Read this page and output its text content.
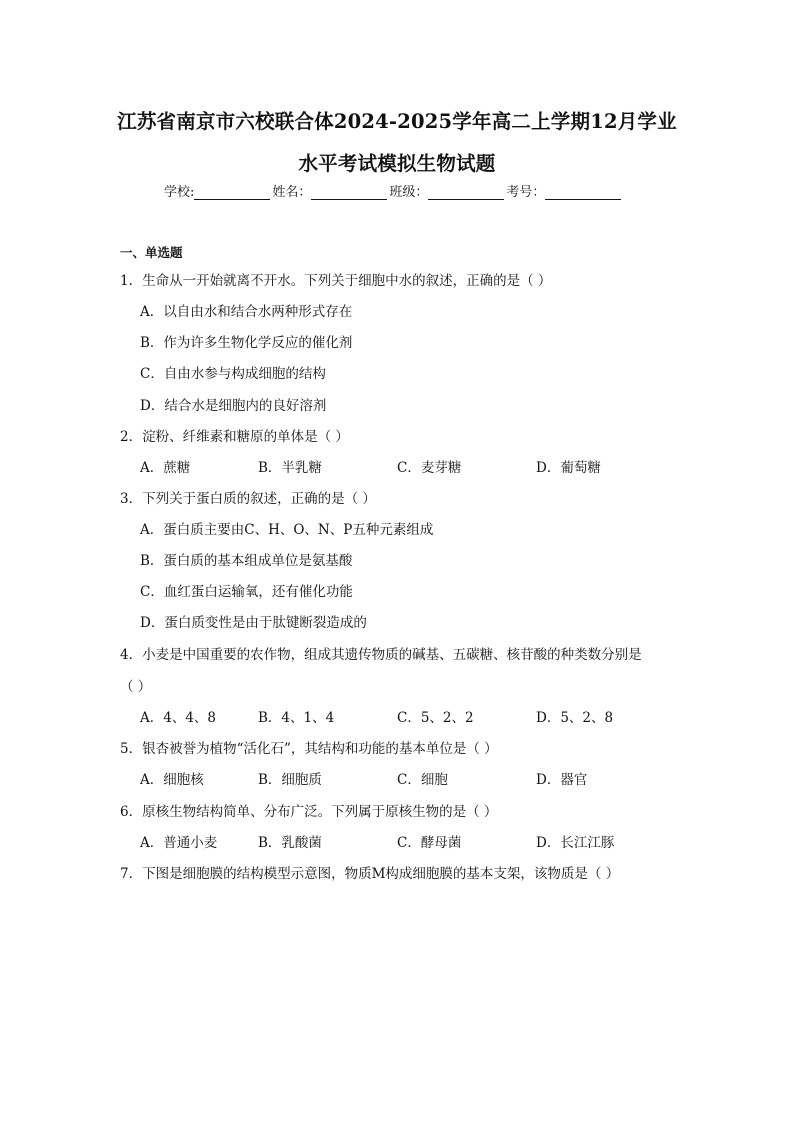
江苏省南京市六校联合体2024-2025学年高二上学期12月学业
水平考试模拟生物试题
学校:	姓名：	班级：	考号：
一、单选题
1．生命从一开始就离不开水。下列关于细胞中水的叙述，正确的是（ ）
A．以自由水和结合水两种形式存在
B．作为许多生物化学反应的催化剂
C．自由水参与构成细胞的结构
D．结合水是细胞内的良好溶剂
2．淀粉、纤维素和糖原的单体是（ ）
A．蔗糖	B．半乳糖	C．麦芽糖	D．葡萄糖
3．下列关于蛋白质的叙述，正确的是（ ）
A．蛋白质主要由C、H、O、N、P五种元素组成
B．蛋白质的基本组成单位是氨基酸
C．血红蛋白运输氧，还有催化功能
D．蛋白质变性是由于肽键断裂造成的
4．小麦是中国重要的农作物，组成其遗传物质的碱基、五碳糖、核苷酸的种类数分别是
（ ）
A．4、4、8	B．4、1、4	C．5、2、2	D．5、2、8
5．银杏被誉为植物“活化石”，其结构和功能的基本单位是（ ）
A．细胞核	B．细胞质	C．细胞	D．器官
6．原核生物结构简单、分布广泛。下列属于原核生物的是（ ）
A．普通小麦	B．乳酸菌	C．酵母菌	D．长江江豚
7．下图是细胞膜的结构模型示意图，物质M构成细胞膜的基本支架，该物质是（ ）
